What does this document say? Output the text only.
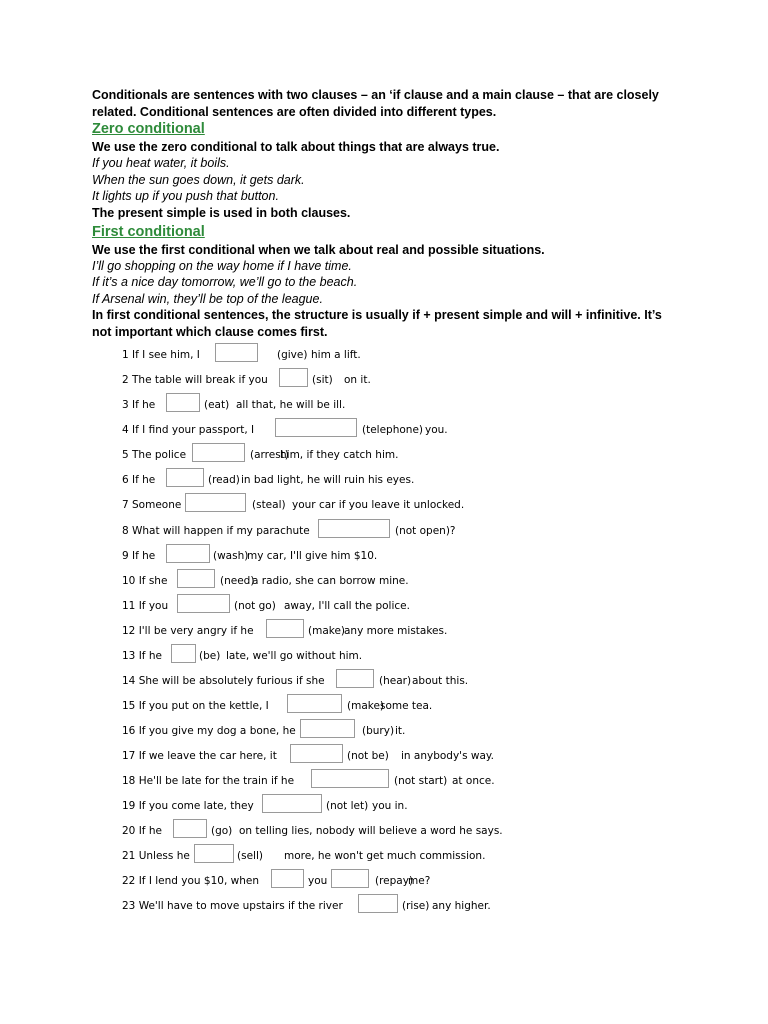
Conditionals are sentences with two clauses – an ‘if clause and a main clause – that are closely related. Conditional sentences are often divided into different types.
Zero conditional
We use the zero conditional to talk about things that are always true.
If you heat water, it boils.
When the sun goes down, it gets dark.
It lights up if you push that button.
The present simple is used in both clauses.
First conditional
We use the first conditional when we talk about real and possible situations.
I’ll go shopping on the way home if I have time.
If it’s a nice day tomorrow, we’ll go to the beach.
If Arsenal win, they’ll be top of the league.
In first conditional sentences, the structure is usually if + present simple and will + infinitive. It’s not important which clause comes first.
1 If I see him, I	(give) him a lift.
2 The table will break if you	(sit) on it.
3 If he	(eat) all that, he will be ill.
4 If I find your passport, I	(telephone) you.
5 The police	(arrest)
him, if they catch him.
6 If he	(read) in bad light, he will ruin his eyes.
7 Someone	(steal) your car if you leave it unlocked.
8 What will happen if my parachute	(not open)?
9 If he	(wash)
my car, I'll give him $10.
10 If she	(need)
a radio, she can borrow mine.
11 If you	(not go) away, I'll call the police.
12 I'll be very angry if he	(make)
any more mistakes.
13 If he	(be) late, we'll go without him.
14 She will be absolutely furious if she	(hear) about this.
15 If you put on the kettle, I	(make)
some tea.
16 If you give my dog a bone, he	(bury) it.
17 If we leave the car here, it	(not be) in anybody's way.
18 He'll be late for the train if he	(not start) at once.
19 If you come late, they	(not let) you in.
20 If he	(go) on telling lies, nobody will believe a word he says.
21 Unless he	(sell) more, he won't get much commission.
22 If I lend you $10, when	you	(repay)
me?
23 We'll have to move upstairs if the river	(rise) any higher.
